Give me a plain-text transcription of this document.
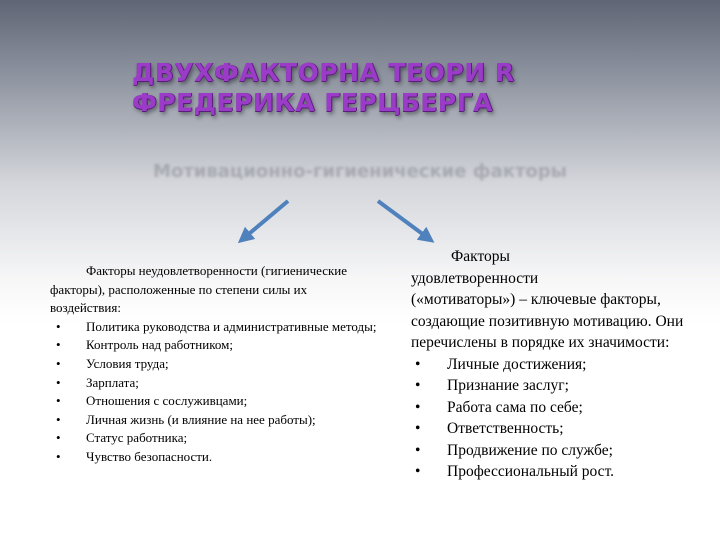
ДВУХФАКТОРНА ТЕОРИ R
ФРЕДЕРИКА ГЕРЦБЕРГА

Мотивационно-гигиенические факторы

Факторы неудовлетворенности (гигиенические факторы), расположенные по степени силы их воздействия:

• Политика руководства и административные методы;
• Контроль над работником;
• Условия труда;
• Зарплата;
• Отношения с сослуживцами;
• Личная жизнь (и влияние на нее работы);
• Статус работника;
• Чувство безопасности.

Факторы
удовлетворенности
(«мотиваторы») – ключевые факторы, создающие позитивную мотивацию. Они перечислены в порядке их значимости:

• Личные достижения;
• Признание заслуг;
• Работа сама по себе;
• Ответственность;
• Продвижение по службе;
• Профессиональный рост.
